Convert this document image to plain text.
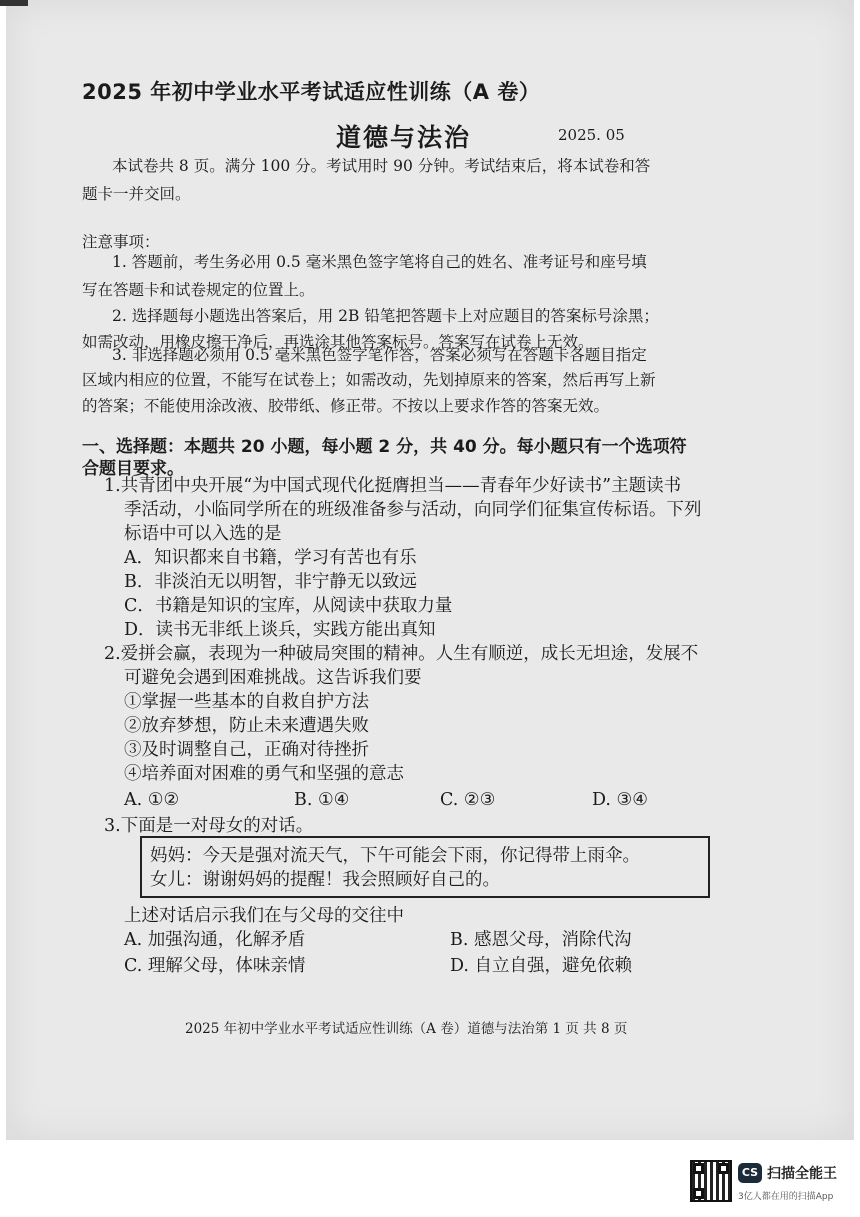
2025 年初中学业水平考试适应性训练（A 卷）
道德与法治	2025. 05
本试卷共 8 页。满分 100 分。考试用时 90 分钟。考试结束后，将本试卷和答
题卡一并交回。
注意事项：
1. 答题前，考生务必用 0.5 毫米黑色签字笔将自己的姓名、准考证号和座号填
写在答题卡和试卷规定的位置上。
2. 选择题每小题选出答案后，用 2B 铅笔把答题卡上对应题目的答案标号涂黑；
如需改动，用橡皮擦干净后，再选涂其他答案标号。答案写在试卷上无效。
3. 非选择题必须用 0.5 毫米黑色签字笔作答，答案必须写在答题卡各题目指定
区域内相应的位置，不能写在试卷上；如需改动，先划掉原来的答案，然后再写上新
的答案；不能使用涂改液、胶带纸、修正带。不按以上要求作答的答案无效。
一、选择题：本题共 20 小题，每小题 2 分，共 40 分。每小题只有一个选项符
合题目要求。
1.共青团中央开展“为中国式现代化挺膺担当——青春年少好读书”主题读书
季活动，小临同学所在的班级准备参与活动，向同学们征集宣传标语。下列
标语中可以入选的是
A．知识都来自书籍，学习有苦也有乐
B．非淡泊无以明智，非宁静无以致远
C．书籍是知识的宝库，从阅读中获取力量
D．读书无非纸上谈兵，实践方能出真知
2.爱拼会赢，表现为一种破局突围的精神。人生有顺逆，成长无坦途，发展不
可避免会遇到困难挑战。这告诉我们要
①掌握一些基本的自救自护方法
②放弃梦想，防止未来遭遇失败
③及时调整自己，正确对待挫折
④培养面对困难的勇气和坚强的意志
A. ①②	B. ①④	C. ②③	D. ③④
3.下面是一对母女的对话。
妈妈：今天是强对流天气，下午可能会下雨，你记得带上雨伞。
女儿：谢谢妈妈的提醒！我会照顾好自己的。
上述对话启示我们在与父母的交往中
A. 加强沟通，化解矛盾	B. 感恩父母，消除代沟
C. 理解父母，体味亲情	D. 自立自强，避免依赖
2025 年初中学业水平考试适应性训练（A 卷）道德与法治第 1 页 共 8 页
CS 扫描全能王
3亿人都在用的扫描App
